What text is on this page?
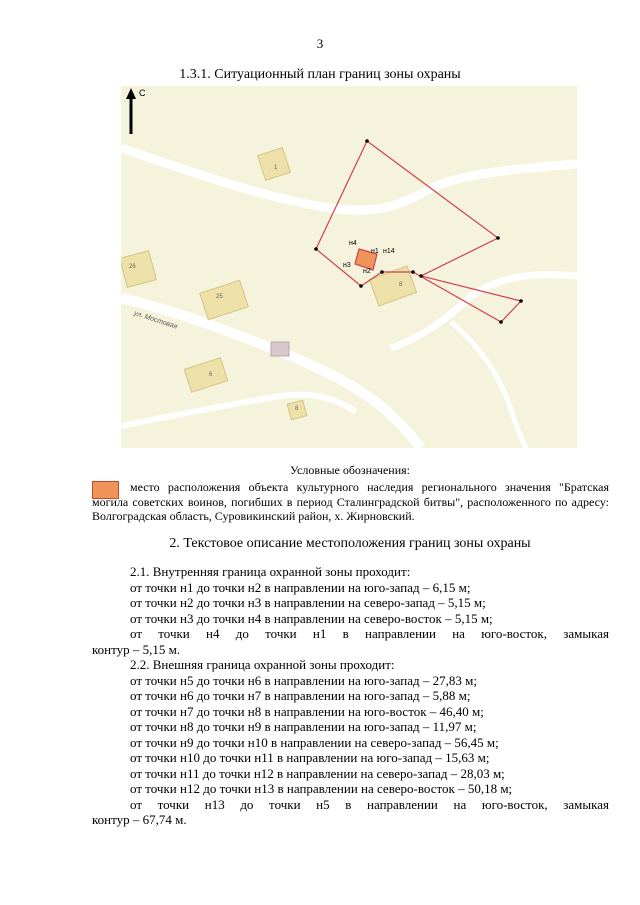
3
1.3.1. Ситуационный план границ зоны охраны
С
ул. Мостовая
н4
н1 н14
н3
н2
1
26
25
8
6
8
Условные обозначения:
место расположения объекта культурного наследия регионального значения "Братская могила советских воинов, погибших в период Сталинградской битвы", расположенного по адресу: Волгоградская область, Суровикинский район, х. Жирновский.
2. Текстовое описание местоположения границ зоны охраны
2.1. Внутренняя граница охранной зоны проходит:
от точки н1 до точки н2 в направлении на юго-запад – 6,15 м;
от точки н2 до точки н3 в направлении на северо-запад – 5,15 м;
от точки н3 до точки н4 в направлении на северо-восток – 5,15 м;
от точки н4 до точки н1 в направлении на юго-восток, замыкая
контур – 5,15 м.
2.2. Внешняя граница охранной зоны проходит:
от точки н5 до точки н6 в направлении на юго-запад – 27,83 м;
от точки н6 до точки н7 в направлении на юго-запад – 5,88 м;
от точки н7 до точки н8 в направлении на юго-восток – 46,40 м;
от точки н8 до точки н9 в направлении на юго-запад – 11,97 м;
от точки н9 до точки н10 в направлении на северо-запад – 56,45 м;
от точки н10 до точки н11 в направлении на юго-запад – 15,63 м;
от точки н11 до точки н12 в направлении на северо-запад – 28,03 м;
от точки н12 до точки н13 в направлении на северо-восток – 50,18 м;
от точки н13 до точки н5 в направлении на юго-восток, замыкая
контур – 67,74 м.
